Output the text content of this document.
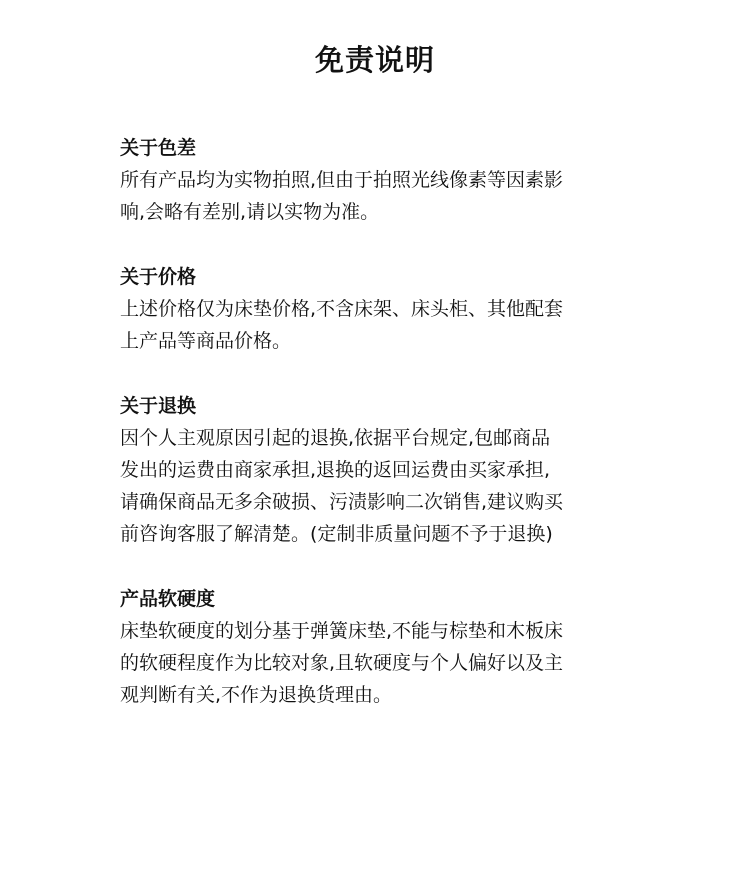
免责说明

关于色差

所有产品均为实物拍照,但由于拍照光线像素等因素影
响,会略有差别,请以实物为准。

关于价格

上述价格仅为床垫价格,不含床架、床头柜、其他配套
上产品等商品价格。

关于退换

因个人主观原因引起的退换,依据平台规定,包邮商品
发出的运费由商家承担,退换的返回运费由买家承担,
请确保商品无多余破损、污渍影响二次销售,建议购买
前咨询客服了解清楚。(定制非质量问题不予于退换)

产品软硬度

床垫软硬度的划分基于弹簧床垫,不能与棕垫和木板床
的软硬程度作为比较对象,且软硬度与个人偏好以及主
观判断有关,不作为退换货理由。
